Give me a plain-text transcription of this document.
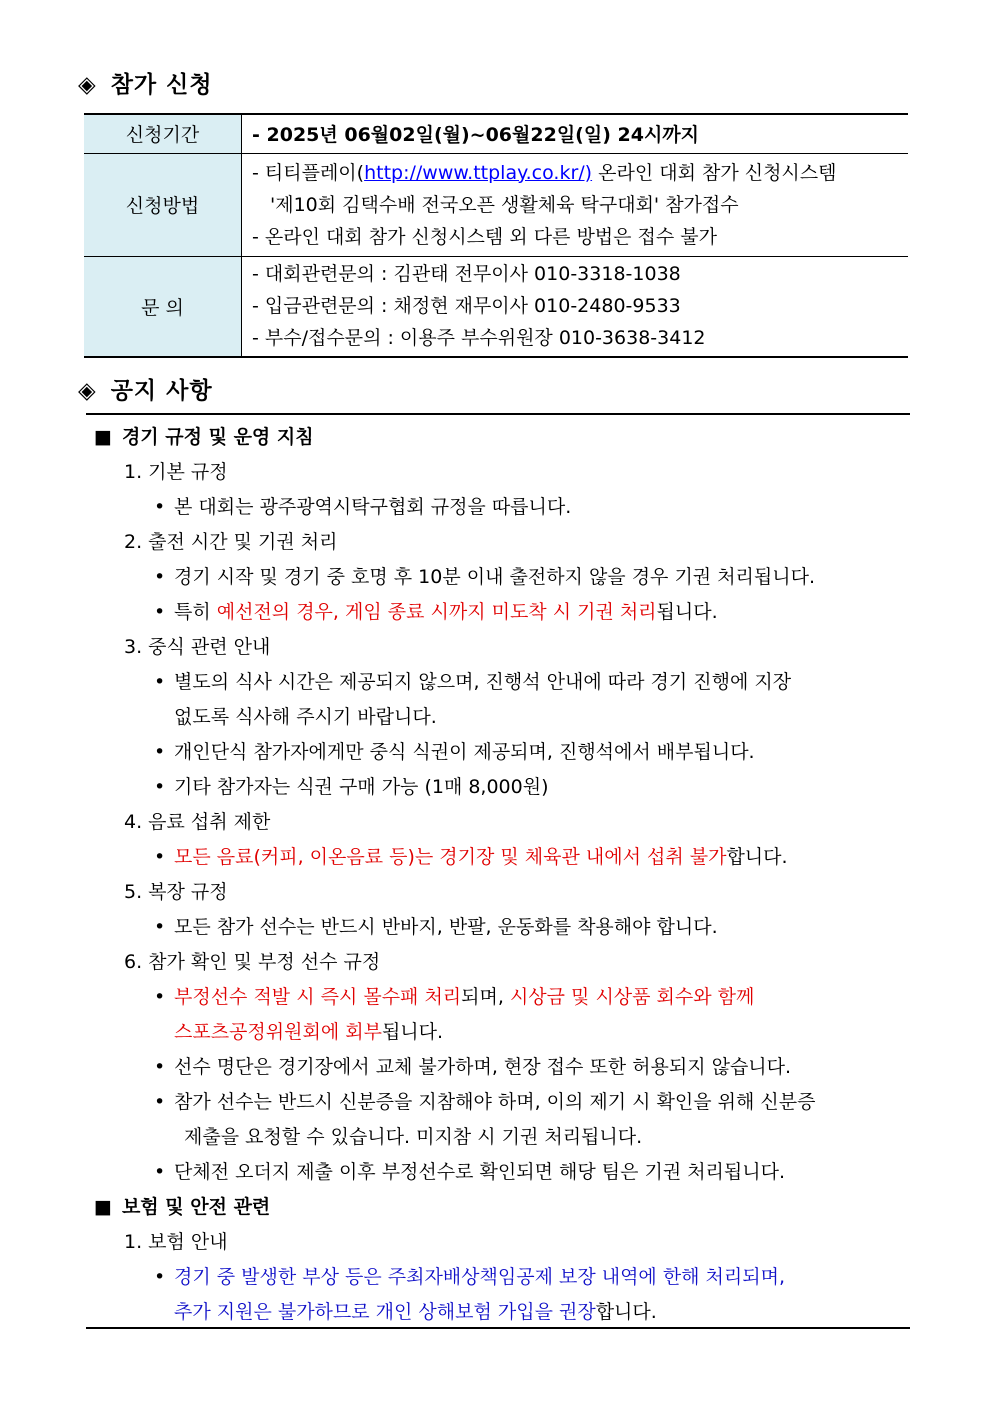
◈ 참가 신청
신청기간	- 2025년 06월02일(월)~06월22일(일) 24시까지
신청방법	- 티티플레이(http://www.ttplay.co.kr/) 온라인 대회 참가 신청시스템
'제10회 김택수배 전국오픈 생활체육 탁구대회' 참가접수
- 온라인 대회 참가 신청시스템 외 다른 방법은 접수 불가

문 의	- 대회관련문의 : 김관태 전무이사 010-3318-1038
- 입금관련문의 : 채정현 재무이사 010-2480-9533
- 부수/접수문의 : 이용주 부수위원장 010-3638-3412
◈ 공지 사항
■ 경기 규정 및 운영 지침
1. 기본 규정
• 본 대회는 광주광역시탁구협회 규정을 따릅니다.
2. 출전 시간 및 기권 처리
• 경기 시작 및 경기 중 호명 후 10분 이내 출전하지 않을 경우 기권 처리됩니다.
• 특히 예선전의 경우, 게임 종료 시까지 미도착 시 기권 처리됩니다.
3. 중식 관련 안내
• 별도의 식사 시간은 제공되지 않으며, 진행석 안내에 따라 경기 진행에 지장
없도록 식사해 주시기 바랍니다.
• 개인단식 참가자에게만 중식 식권이 제공되며, 진행석에서 배부됩니다.
• 기타 참가자는 식권 구매 가능 (1매 8,000원)
4. 음료 섭취 제한
• 모든 음료(커피, 이온음료 등)는 경기장 및 체육관 내에서 섭취 불가합니다.
5. 복장 규정
• 모든 참가 선수는 반드시 반바지, 반팔, 운동화를 착용해야 합니다.
6. 참가 확인 및 부정 선수 규정
• 부정선수 적발 시 즉시 몰수패 처리되며, 시상금 및 시상품 회수와 함께
스포츠공정위원회에 회부됩니다.
• 선수 명단은 경기장에서 교체 불가하며, 현장 접수 또한 허용되지 않습니다.
• 참가 선수는 반드시 신분증을 지참해야 하며, 이의 제기 시 확인을 위해 신분증
제출을 요청할 수 있습니다. 미지참 시 기권 처리됩니다.
• 단체전 오더지 제출 이후 부정선수로 확인되면 해당 팀은 기권 처리됩니다.
■ 보험 및 안전 관련
1. 보험 안내
• 경기 중 발생한 부상 등은 주최자배상책임공제 보장 내역에 한해 처리되며,
추가 지원은 불가하므로 개인 상해보험 가입을 권장합니다.
